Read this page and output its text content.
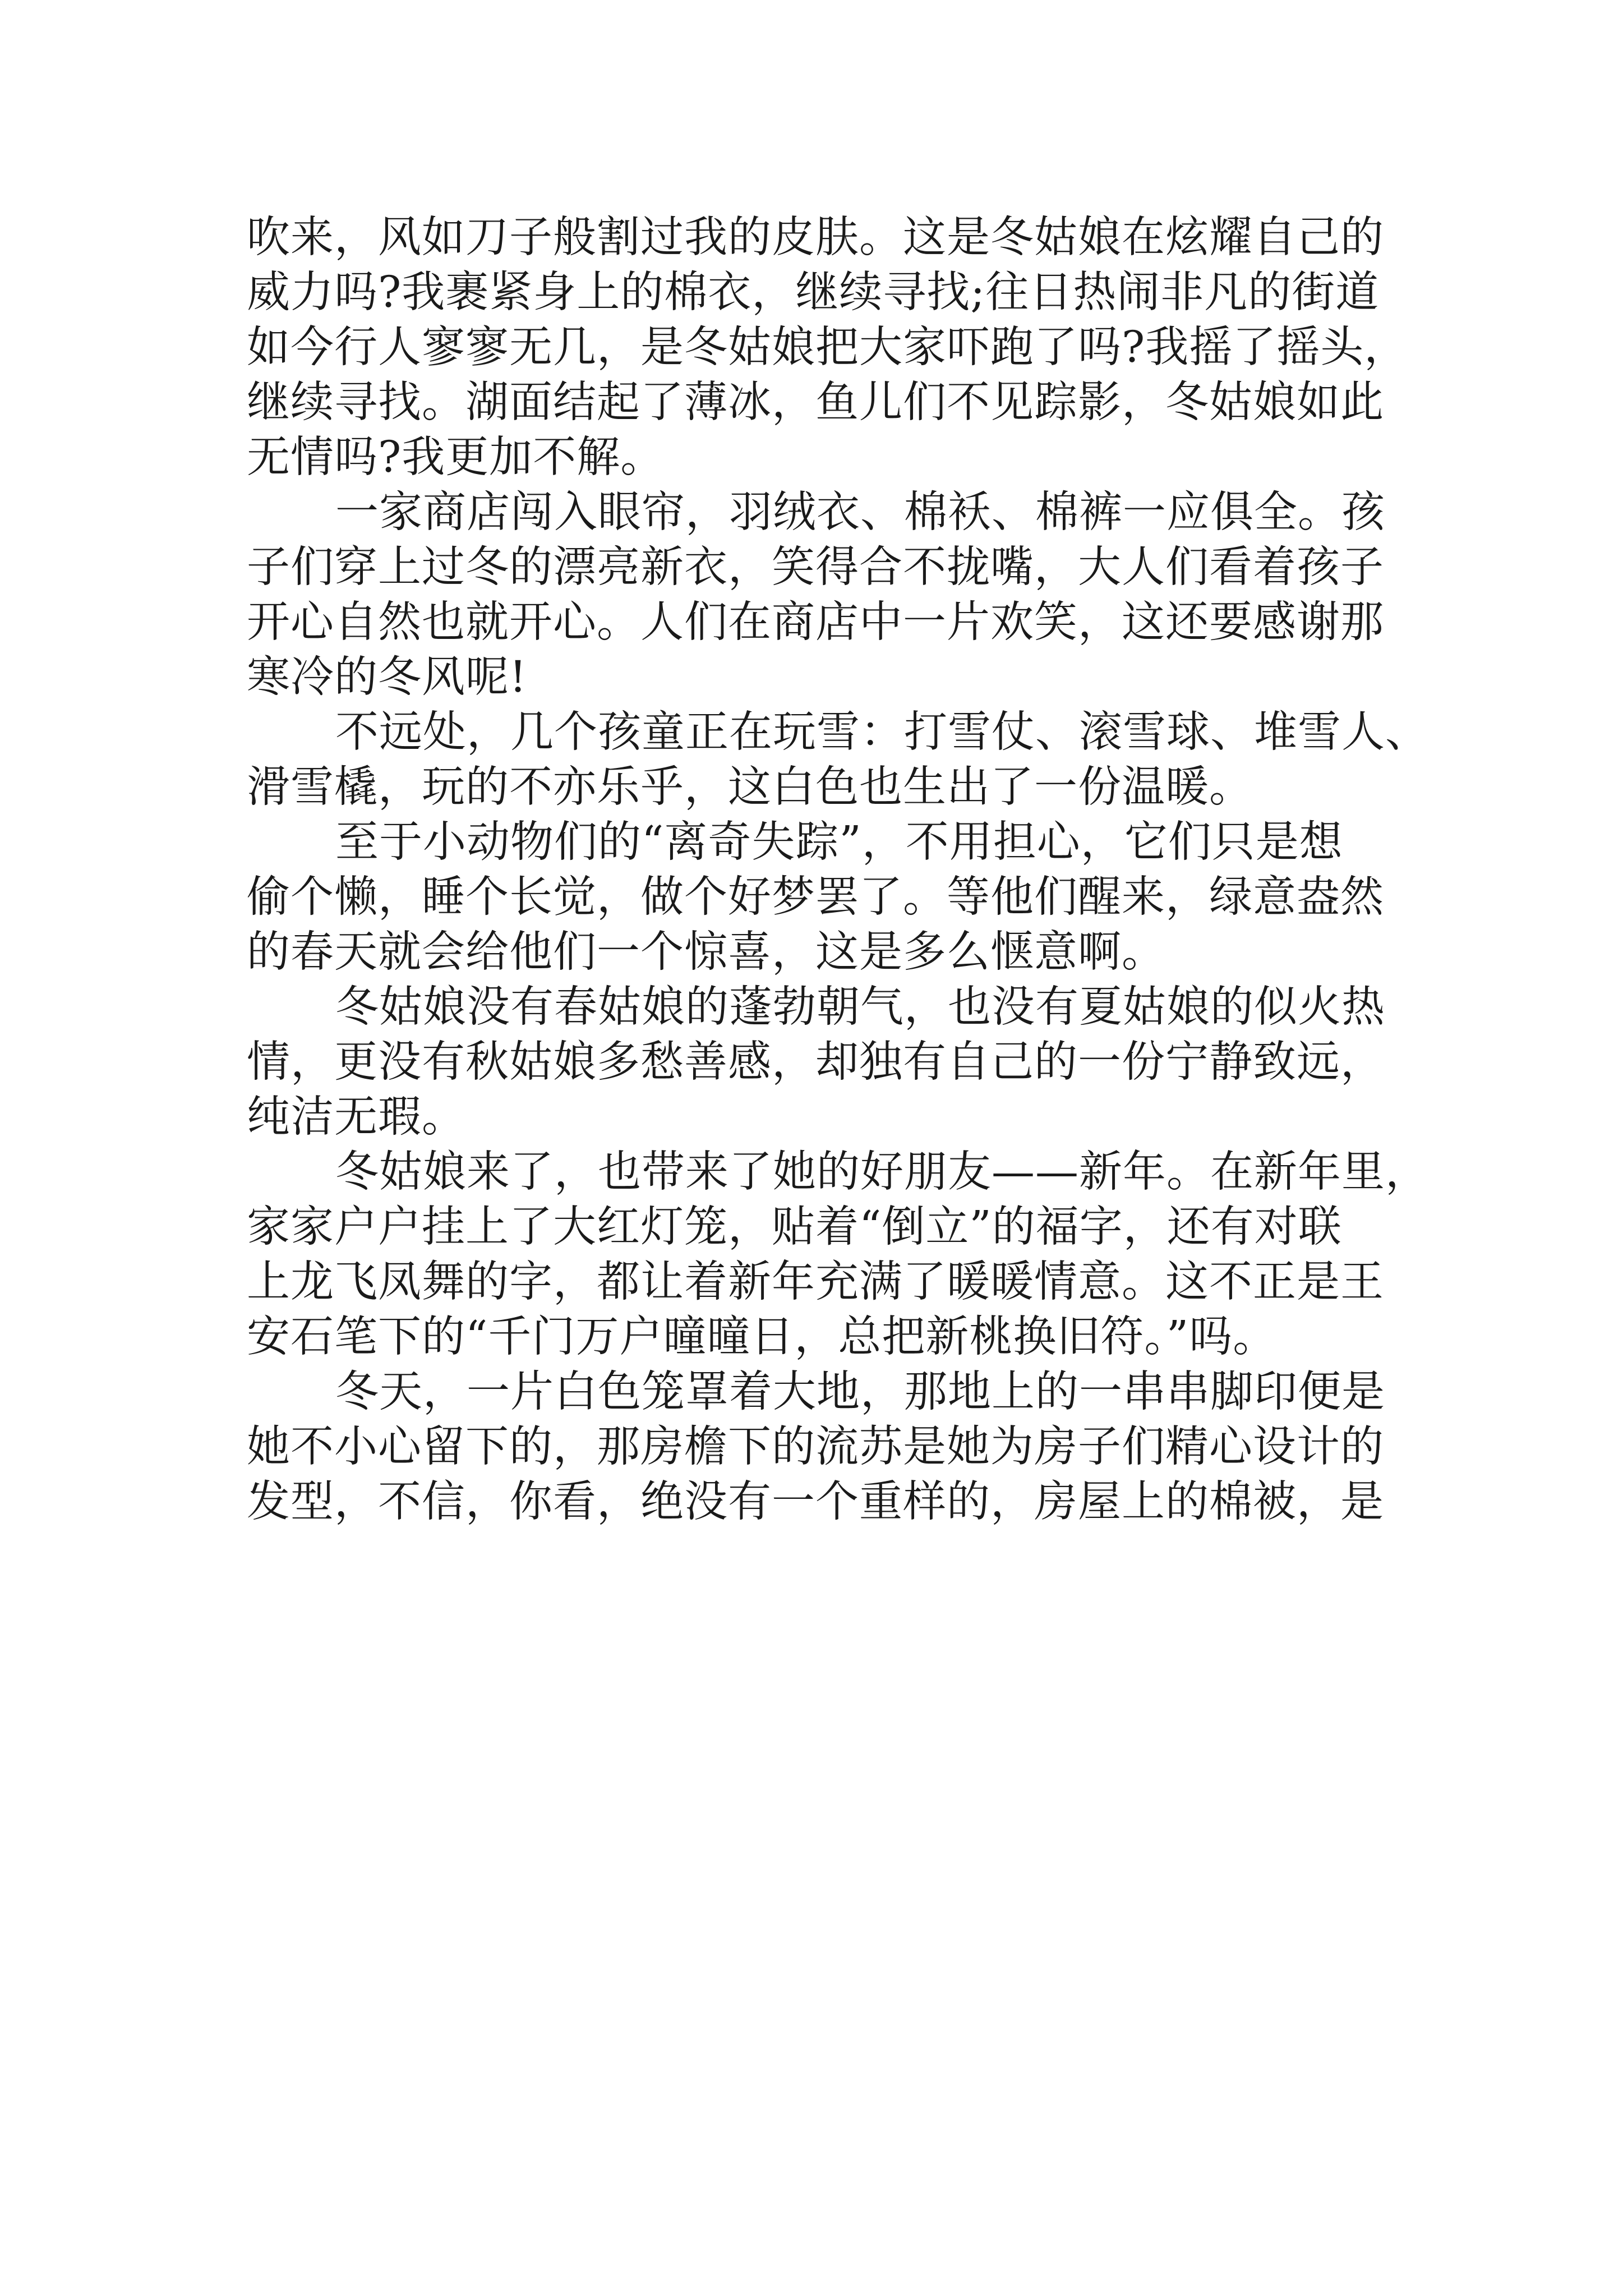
吹来，风如刀子般割过我的皮肤。这是冬姑娘在炫耀自己的
威力吗?我裹紧身上的棉衣，继续寻找;往日热闹非凡的街道
如今行人寥寥无几，是冬姑娘把大家吓跑了吗?我摇了摇头，
继续寻找。湖面结起了薄冰，鱼儿们不见踪影，冬姑娘如此
无情吗?我更加不解。
一家商店闯入眼帘，羽绒衣、棉袄、棉裤一应俱全。孩
子们穿上过冬的漂亮新衣，笑得合不拢嘴，大人们看着孩子
开心自然也就开心。人们在商店中一片欢笑，这还要感谢那
寒冷的冬风呢!
不远处，几个孩童正在玩雪：打雪仗、滚雪球、堆雪人、
滑雪橇，玩的不亦乐乎，这白色也生出了一份温暖。
至于小动物们的“离奇失踪”，不用担心，它们只是想
偷个懒，睡个长觉，做个好梦罢了。等他们醒来，绿意盎然
的春天就会给他们一个惊喜，这是多么惬意啊。
冬姑娘没有春姑娘的蓬勃朝气，也没有夏姑娘的似火热
情，更没有秋姑娘多愁善感，却独有自己的一份宁静致远，
纯洁无瑕。
冬姑娘来了，也带来了她的好朋友——新年。在新年里，
家家户户挂上了大红灯笼，贴着“倒立”的福字，还有对联
上龙飞凤舞的字，都让着新年充满了暖暖情意。这不正是王
安石笔下的“千门万户曈曈日，总把新桃换旧符。”吗。
冬天，一片白色笼罩着大地，那地上的一串串脚印便是
她不小心留下的，那房檐下的流苏是她为房子们精心设计的
发型，不信，你看，绝没有一个重样的，房屋上的棉被，是
